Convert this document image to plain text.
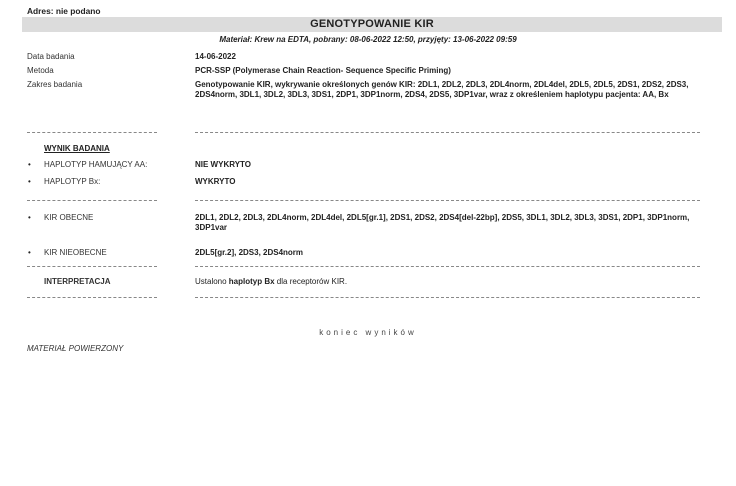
Adres: nie podano
GENOTYPOWANIE KIR
Materiał: Krew na EDTA, pobrany: 08-06-2022 12:50, przyjęty: 13-06-2022 09:59
Data badania	14-06-2022
Metoda	PCR-SSP (Polymerase Chain Reaction- Sequence Specific Priming)
Zakres badania	Genotypowanie KIR, wykrywanie określonych genów KIR: 2DL1, 2DL2, 2DL3, 2DL4norm, 2DL4del, 2DL5, 2DL5, 2DS1, 2DS2, 2DS3, 2DS4norm, 3DL1, 3DL2, 3DL3, 3DS1, 2DP1, 3DP1norm, 2DS4, 2DS5, 3DP1var, wraz z określeniem haplotypu pacjenta: AA, Bx
WYNIK BADANIA
• HAPLOTYP HAMUJĄCY AA:	NIE WYKRYTO
• HAPLOTYP Bx:	WYKRYTO
• KIR OBECNE	2DL1, 2DL2, 2DL3, 2DL4norm, 2DL4del, 2DL5[gr.1], 2DS1, 2DS2, 2DS4[del-22bp], 2DS5, 3DL1, 3DL2, 3DL3, 3DS1, 2DP1, 3DP1norm, 3DP1var
• KIR NIEOBECNE	2DL5[gr.2], 2DS3, 2DS4norm
INTERPRETACJA	Ustalono haplotyp Bx dla receptorów KIR.
koniec wyników
MATERIAŁ POWIERZONY
